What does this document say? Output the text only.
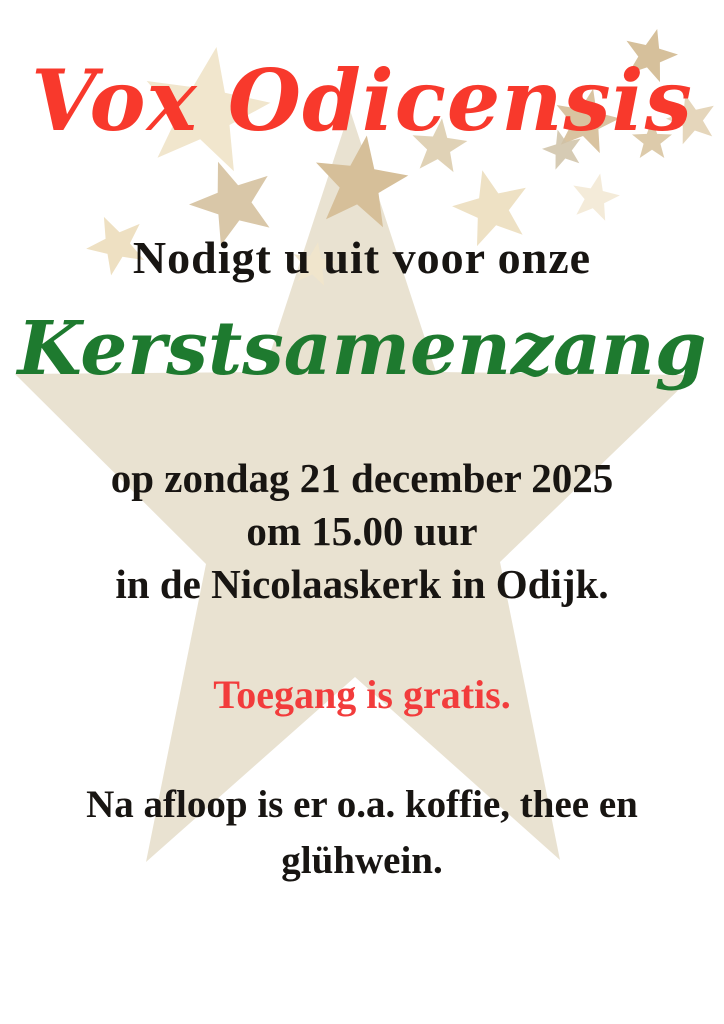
Vox Odicensis
Nodigt u uit voor onze
Kerstsamenzang
op zondag 21 december 2025
om 15.00 uur
in de Nicolaaskerk in Odijk.
Toegang is gratis.
Na afloop is er o.a. koffie, thee en
glühwein.
